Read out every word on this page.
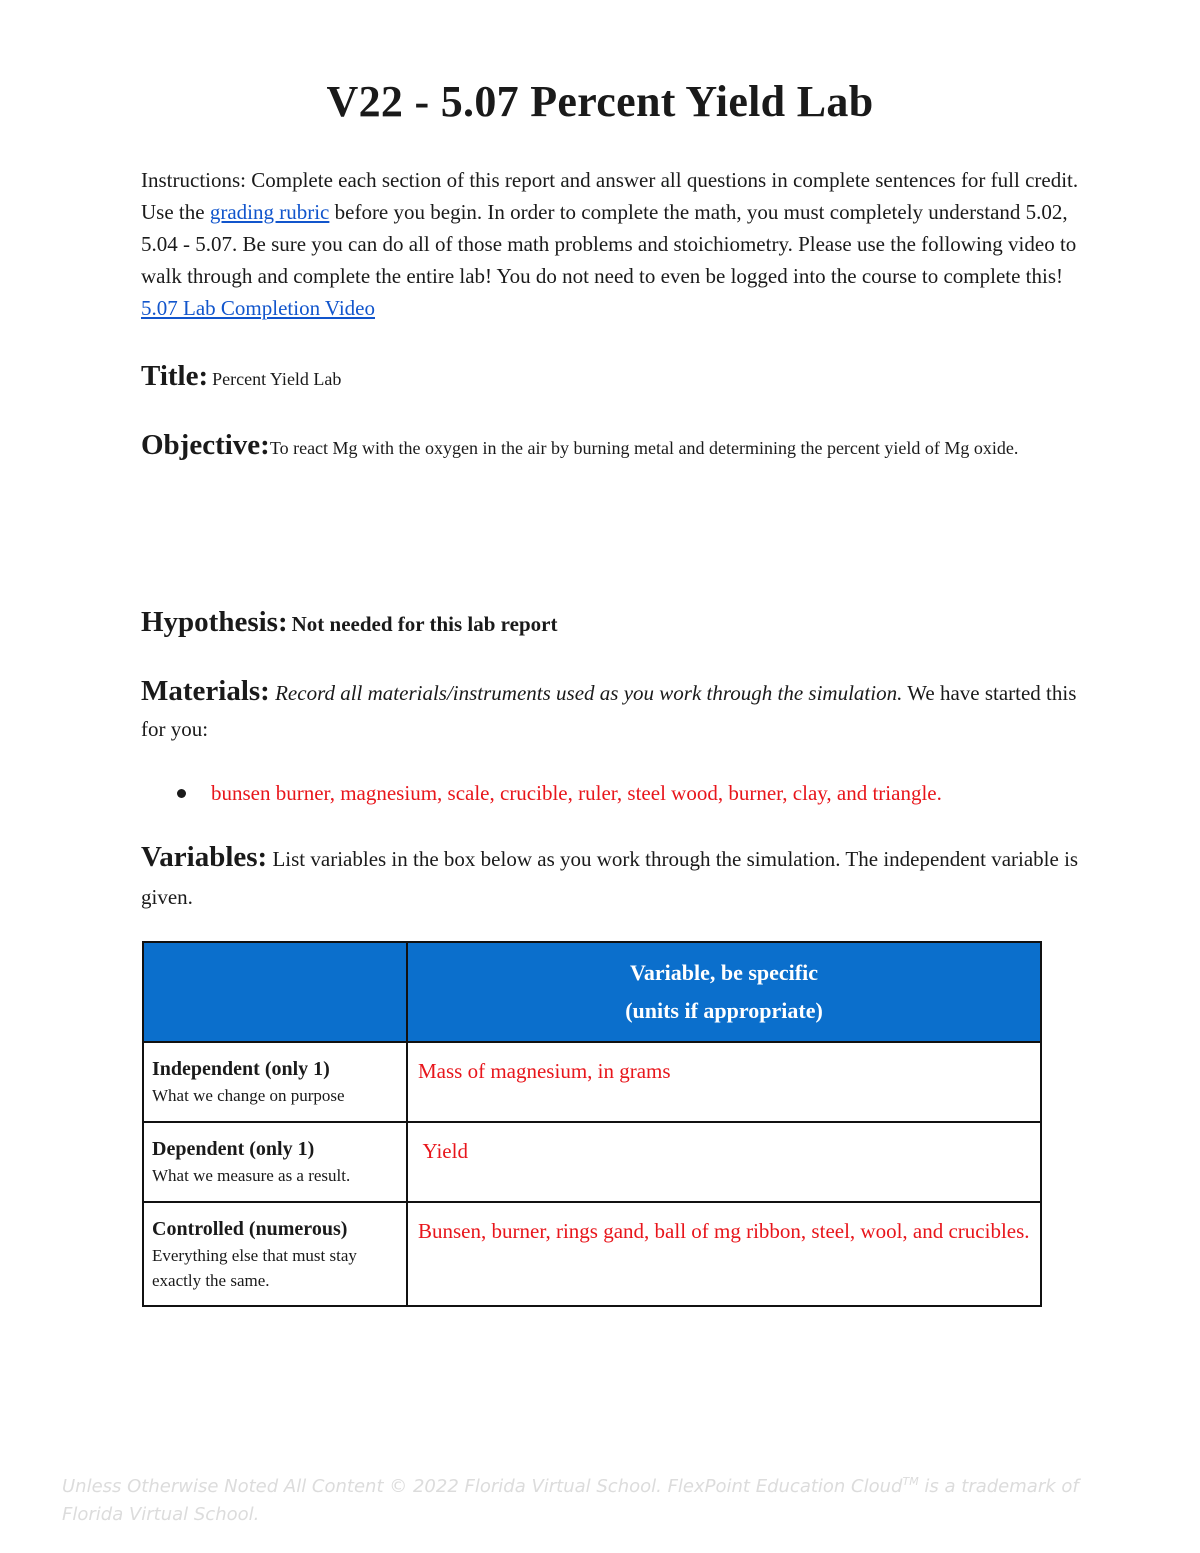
V22 - 5.07 Percent Yield Lab

Instructions: Complete each section of this report and answer all questions in complete sentences for full credit. Use the grading rubric before you begin. In order to complete the math, you must completely understand 5.02, 5.04 - 5.07. Be sure you can do all of those math problems and stoichiometry. Please use the following video to walk through and complete the entire lab! You do not need to even be logged into the course to complete this! 5.07 Lab Completion Video

Title: Percent Yield Lab

Objective:To react Mg with the oxygen in the air by burning metal and determining the percent yield of Mg oxide.

Hypothesis: Not needed for this lab report

Materials: Record all materials/instruments used as you work through the simulation. We have started this for you:

bunsen burner, magnesium, scale, crucible, ruler, steel wood, burner, clay, and triangle.

Variables: List variables in the box below as you work through the simulation. The independent variable is given.

	Variable, be specific
(units if appropriate)

Independent (only 1)
What we change on purpose	Mass of magnesium, in grams

Dependent (only 1)
What we measure as a result.	Yield

Controlled (numerous)
Everything else that must stay exactly the same.	Bunsen, burner, rings gand, ball of mg ribbon, steel, wool, and crucibles.

Unless Otherwise Noted All Content © 2022 Florida Virtual School. FlexPoint Education Cloud™ is a trademark of Florida Virtual School.
